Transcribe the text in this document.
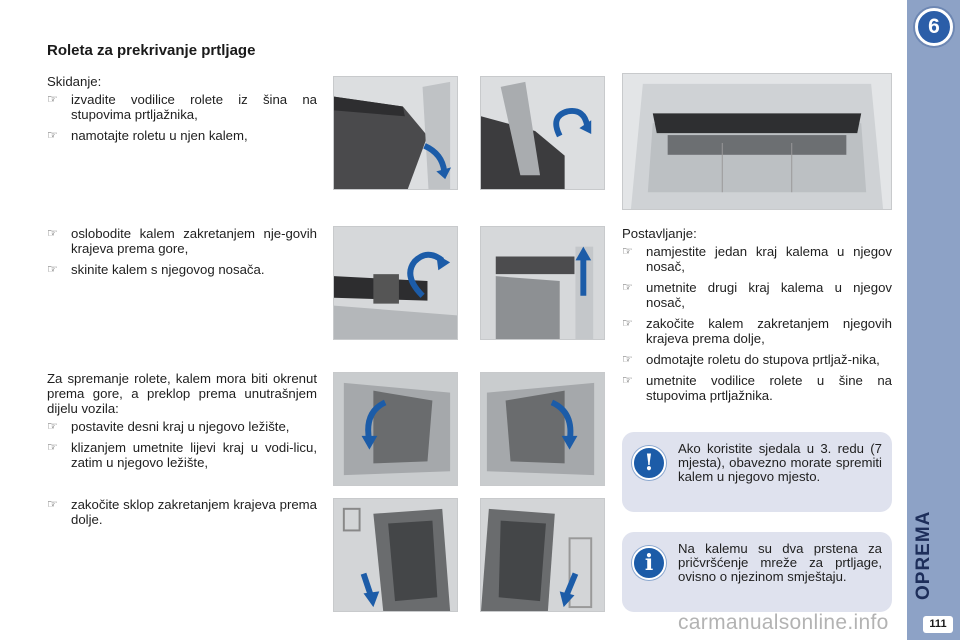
Roleta za prekrivanje prtljage

Skidanje:

☞	izvadite vodilice rolete iz šina na stupovima prtljažnika,
☞	namotajte roletu u njen kalem,
☞	oslobodite kalem zakretanjem nje-govih krajeva prema gore,
☞	skinite kalem s njegovog nosača.

Za spremanje rolete, kalem mora biti okrenut prema gore, a preklop prema unutrašnjem dijelu vozila:

☞	postavite desni kraj u njegovo ležište,
☞	klizanjem umetnite lijevi kraj u vodi-licu, zatim u njegovo ležište,
☞	zakočite sklop zakretanjem krajeva prema dolje.

Postavljanje:

☞	namjestite jedan kraj kalema u njegov nosač,
☞	umetnite drugi kraj kalema u njegov nosač,
☞	zakočite kalem zakretanjem njegovih krajeva prema dolje,
☞	odmotajte roletu do stupova prtljaž-nika,
☞	umetnite vodilice rolete u šine na stupovima prtljažnika.
!
Ako koristite sjedala u 3. redu (7 mjesta), obavezno morate spremiti kalem u njegovo mjesto.
i
Na kalemu su dva prstena za pričvršćenje mreže za prtljage, ovisno o njezinom smještaju.
6
OPREMA
carmanualsonline.info	111
